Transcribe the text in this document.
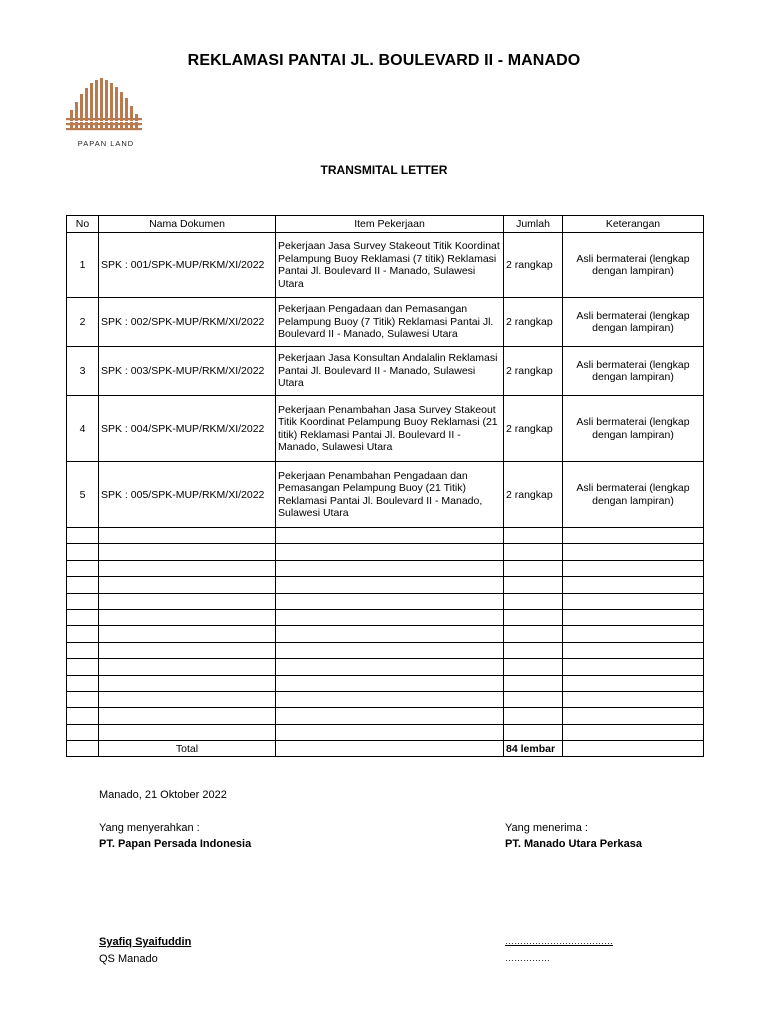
REKLAMASI PANTAI JL. BOULEVARD II - MANADO
PAPAN LAND
TRANSMITAL LETTER
No	Nama Dokumen	Item Pekerjaan	Jumlah	Keterangan
1	SPK : 001/SPK-MUP/RKM/XI/2022	Pekerjaan Jasa Survey Stakeout Titik Koordinat Pelampung Buoy Reklamasi (7 titik) Reklamasi Pantai Jl. Boulevard II - Manado, Sulawesi Utara	2 rangkap	Asli bermaterai (lengkap dengan lampiran)
2	SPK : 002/SPK-MUP/RKM/XI/2022	Pekerjaan Pengadaan dan Pemasangan Pelampung Buoy (7 Titik) Reklamasi Pantai Jl. Boulevard II - Manado, Sulawesi Utara	2 rangkap	Asli bermaterai (lengkap dengan lampiran)
3	SPK : 003/SPK-MUP/RKM/XI/2022	Pekerjaan Jasa Konsultan Andalalin Reklamasi Pantai Jl. Boulevard II - Manado, Sulawesi Utara	2 rangkap	Asli bermaterai (lengkap dengan lampiran)
4	SPK : 004/SPK-MUP/RKM/XI/2022	Pekerjaan Penambahan Jasa Survey Stakeout Titik Koordinat Pelampung Buoy Reklamasi (21 titik) Reklamasi Pantai Jl. Boulevard II - Manado, Sulawesi Utara	2 rangkap	Asli bermaterai (lengkap dengan lampiran)
5	SPK : 005/SPK-MUP/RKM/XI/2022	Pekerjaan Penambahan Pengadaan dan Pemasangan Pelampung Buoy (21 Titik) Reklamasi Pantai Jl. Boulevard II - Manado, Sulawesi Utara	2 rangkap	Asli bermaterai (lengkap dengan lampiran)

	Total		84 lembar	
Manado, 21 Oktober 2022
Yang menyerahkan :
PT. Papan Persada Indonesia
Yang menerima :
PT. Manado Utara Perkasa
Syafiq Syaifuddin
QS Manado
………………………………
……………
